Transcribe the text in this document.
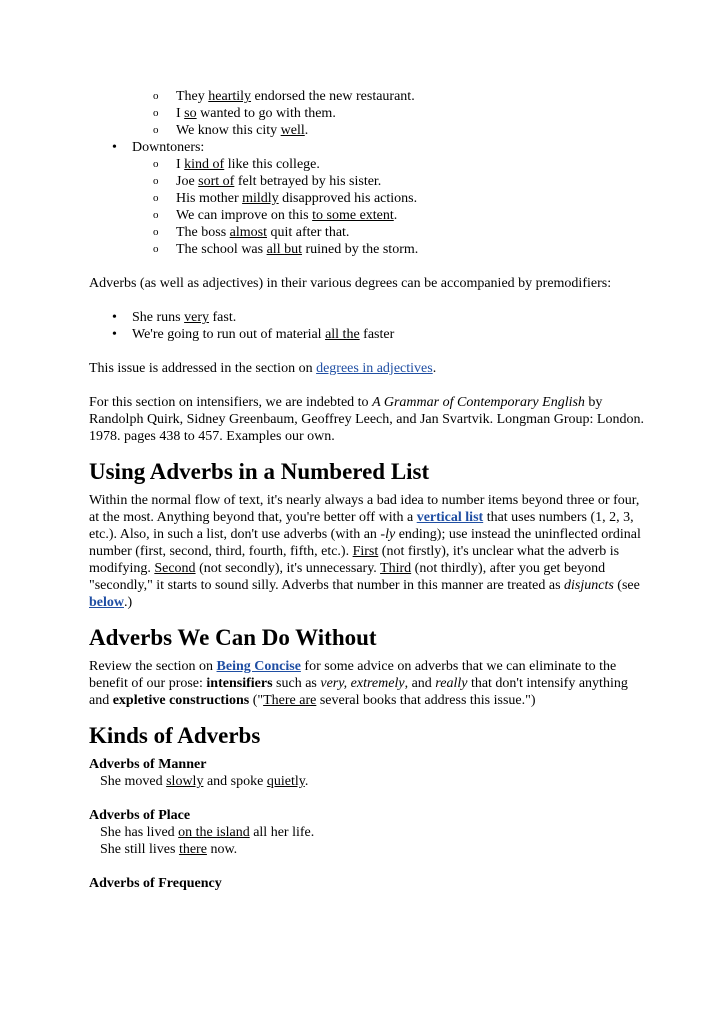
o They heartily endorsed the new restaurant.
o I so wanted to go with them.
o We know this city well.
• Downtoners:
o I kind of like this college.
o Joe sort of felt betrayed by his sister.
o His mother mildly disapproved his actions.
o We can improve on this to some extent.
o The boss almost quit after that.
o The school was all but ruined by the storm.

Adverbs (as well as adjectives) in their various degrees can be accompanied by premodifiers:

• She runs very fast.
• We're going to run out of material all the faster

This issue is addressed in the section on degrees in adjectives.

For this section on intensifiers, we are indebted to A Grammar of Contemporary English by Randolph Quirk, Sidney Greenbaum, Geoffrey Leech, and Jan Svartvik. Longman Group: London. 1978. pages 438 to 457. Examples our own.

Using Adverbs in a Numbered List

Within the normal flow of text, it's nearly always a bad idea to number items beyond three or four, at the most. Anything beyond that, you're better off with a vertical list that uses numbers (1, 2, 3, etc.). Also, in such a list, don't use adverbs (with an -ly ending); use instead the uninflected ordinal number (first, second, third, fourth, fifth, etc.). First (not firstly), it's unclear what the adverb is modifying. Second (not secondly), it's unnecessary. Third (not thirdly), after you get beyond "secondly," it starts to sound silly. Adverbs that number in this manner are treated as disjuncts (see below.)

Adverbs We Can Do Without

Review the section on Being Concise for some advice on adverbs that we can eliminate to the benefit of our prose: intensifiers such as very, extremely, and really that don't intensify anything and expletive constructions ("There are several books that address this issue.")

Kinds of Adverbs

Adverbs of Manner

She moved slowly and spoke quietly.

Adverbs of Place

She has lived on the island all her life.

She still lives there now.

Adverbs of Frequency
